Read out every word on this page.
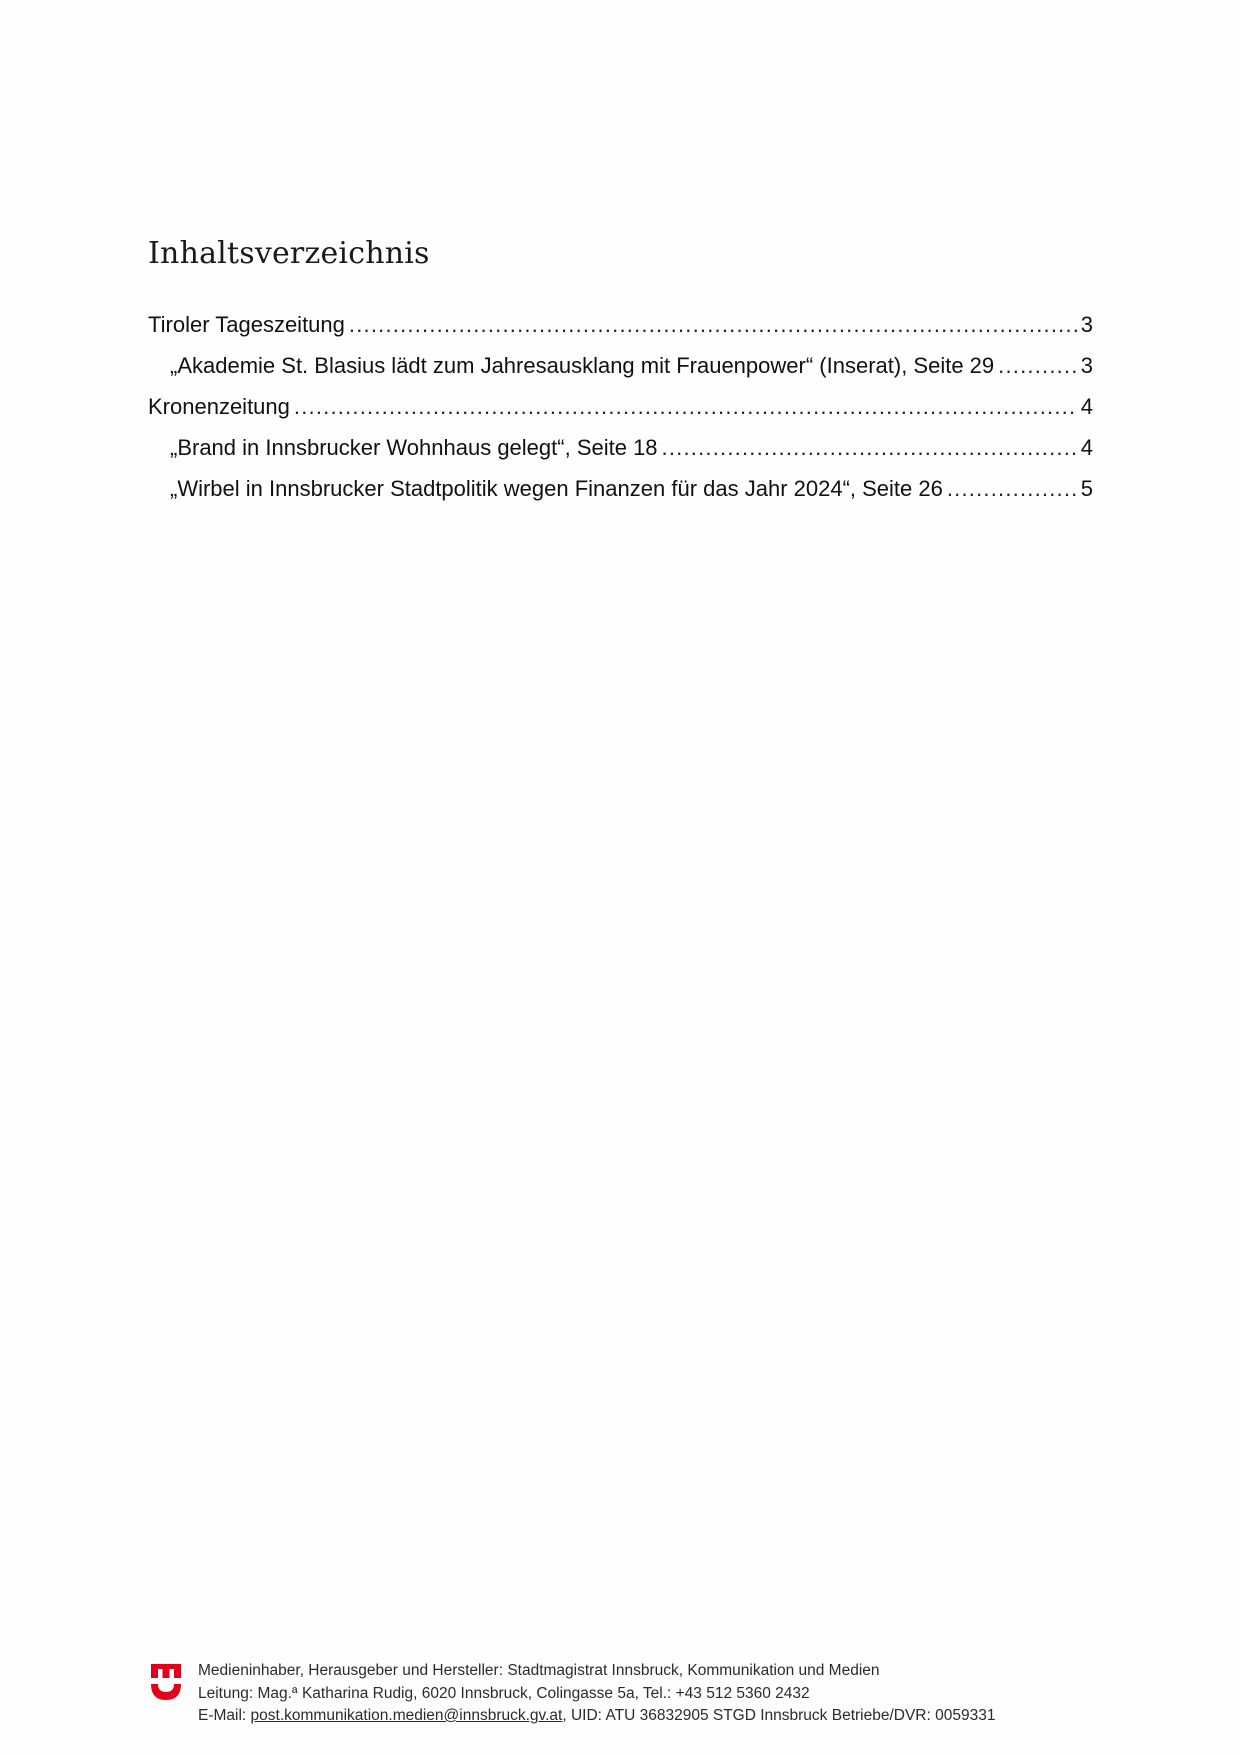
Inhaltsverzeichnis
Tiroler Tageszeitung .....	3
„Akademie St. Blasius lädt zum Jahresausklang mit Frauenpower“ (Inserat), Seite 29 .....	3
Kronenzeitung .....	4
„Brand in Innsbrucker Wohnhaus gelegt“, Seite 18 .....	4
„Wirbel in Innsbrucker Stadtpolitik wegen Finanzen für das Jahr 2024“, Seite 26 .....	5
Medieninhaber, Herausgeber und Hersteller: Stadtmagistrat Innsbruck, Kommunikation und Medien
Leitung: Mag.ª Katharina Rudig, 6020 Innsbruck, Colingasse 5a, Tel.: +43 512 5360 2432
E-Mail: post.kommunikation.medien@innsbruck.gv.at, UID: ATU 36832905 STGD Innsbruck Betriebe/DVR: 0059331
